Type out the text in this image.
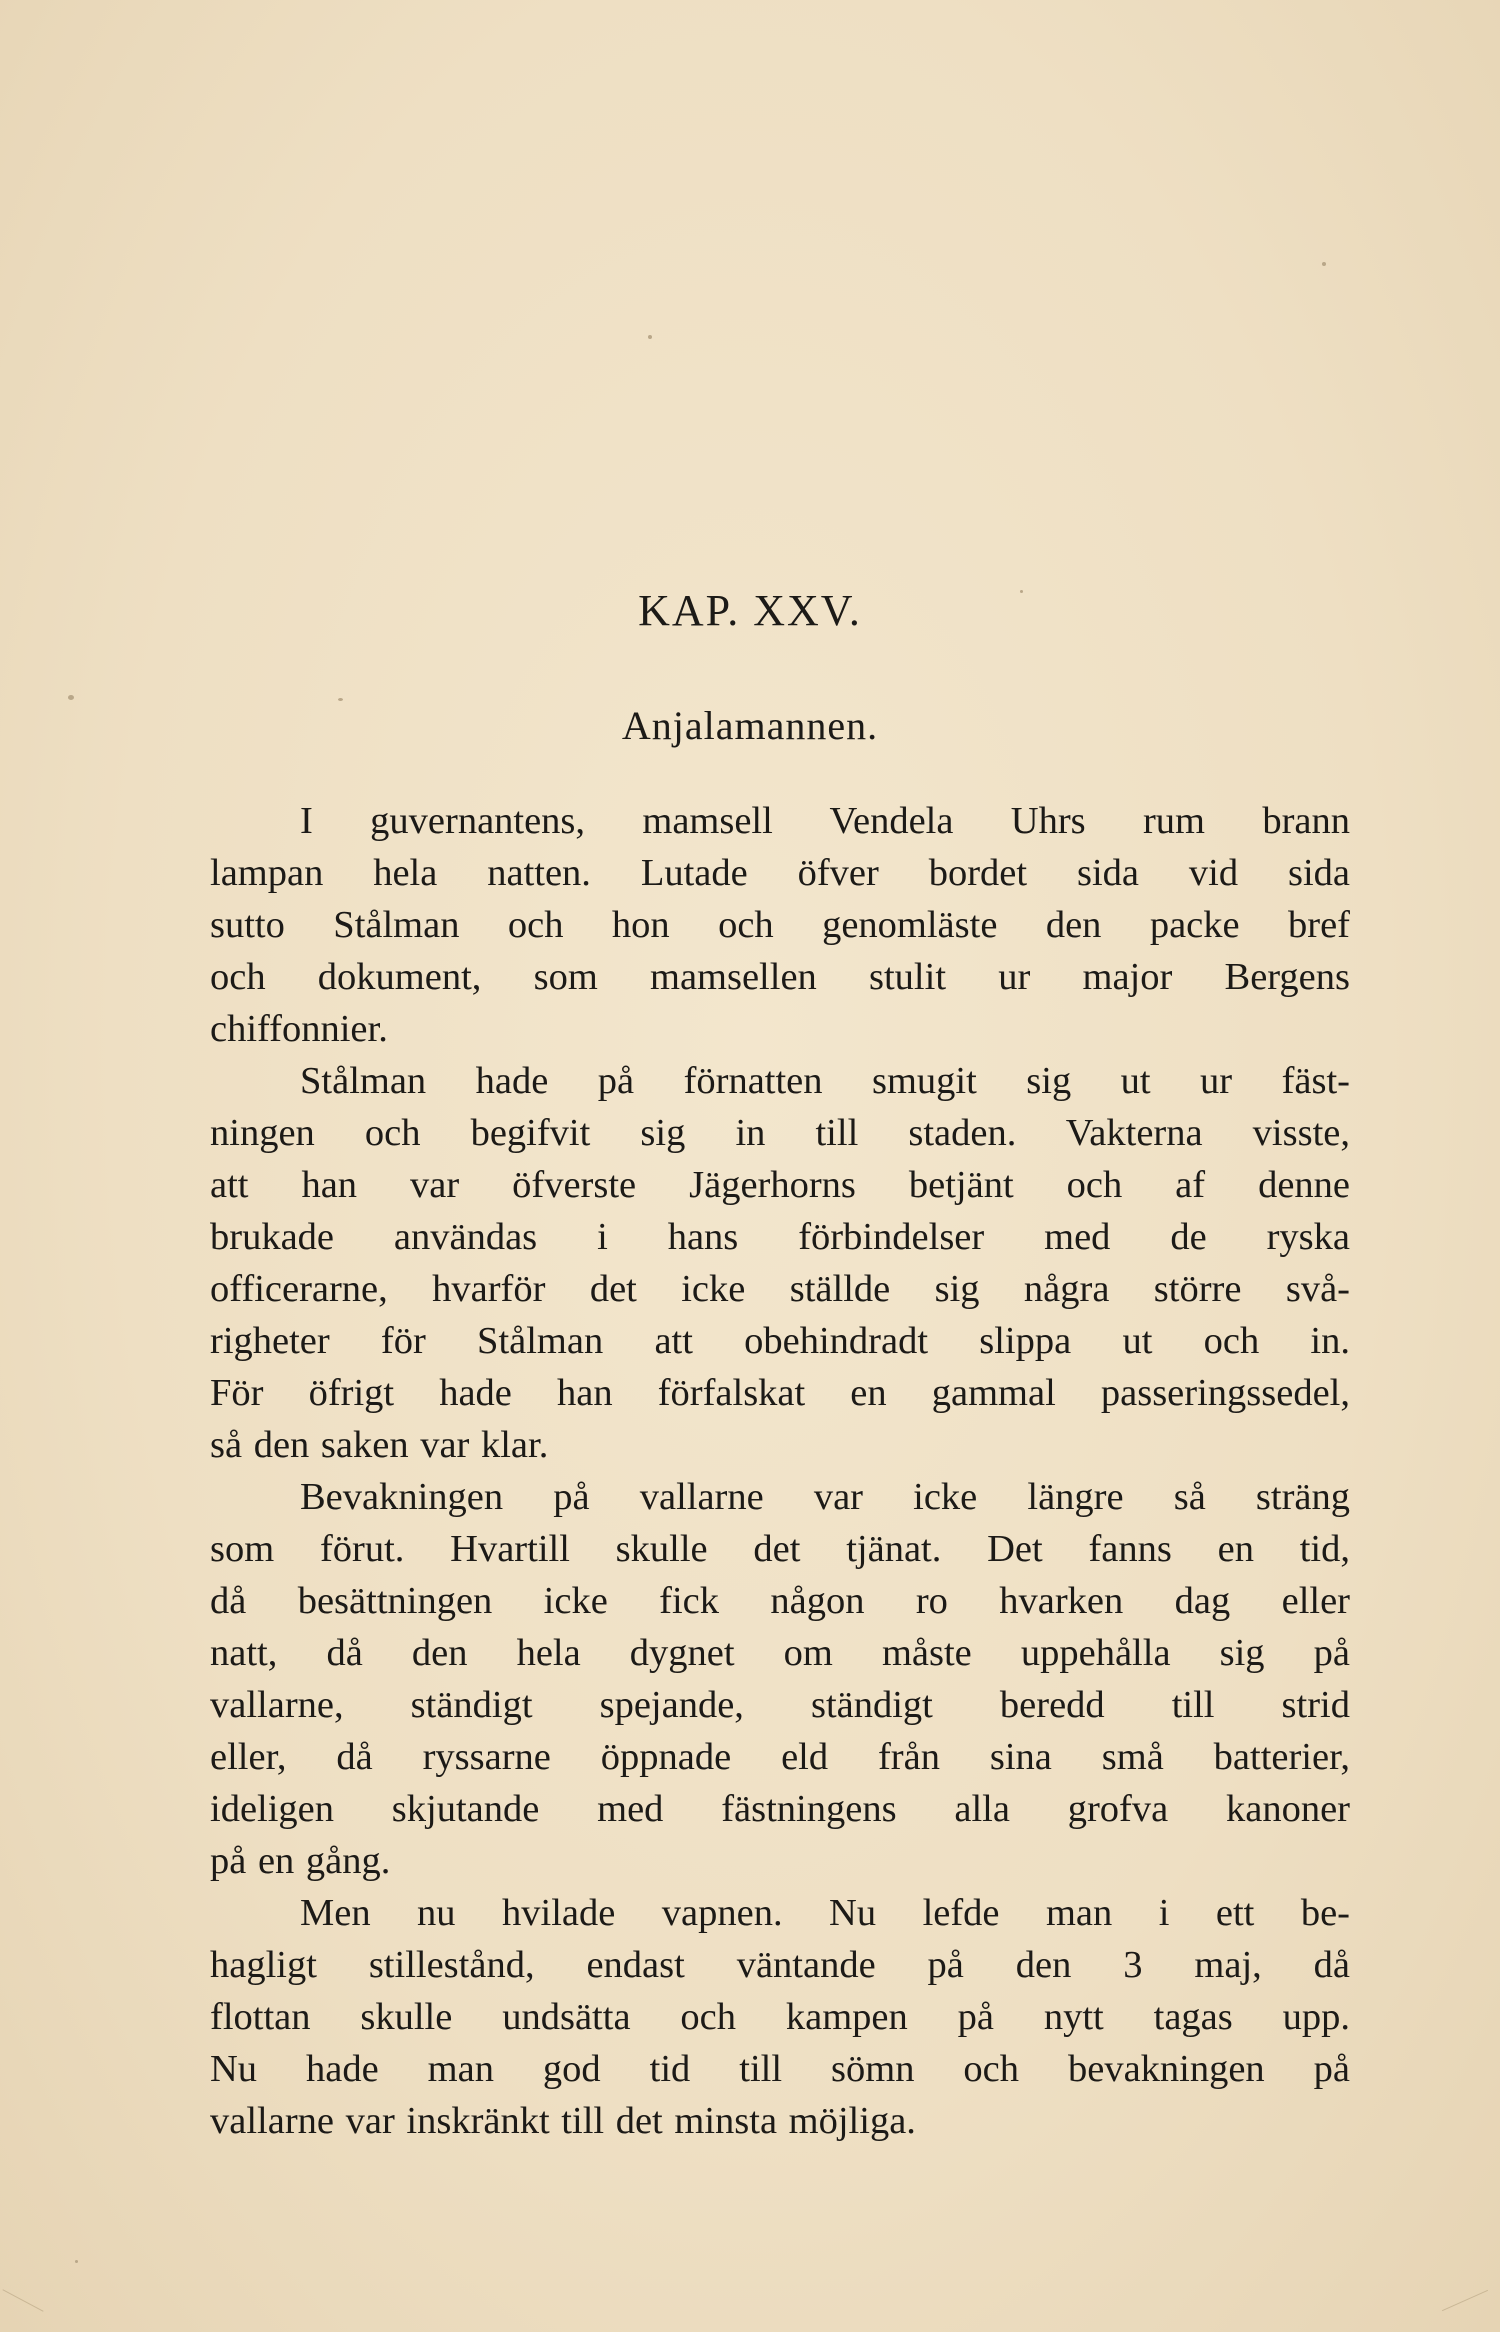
KAP. XXV.
Anjalamannen.
I guvernantens, mamsell Vendela Uhrs rum brann
lampan hela natten. Lutade öfver bordet sida vid sida
sutto Stålman och hon och genomläste den packe bref
och dokument, som mamsellen stulit ur major Bergens
chiffonnier.
Stålman hade på förnatten smugit sig ut ur fäst-
ningen och begifvit sig in till staden. Vakterna visste,
att han var öfverste Jägerhorns betjänt och af denne
brukade användas i hans förbindelser med de ryska
officerarne, hvarför det icke ställde sig några större svå-
righeter för Stålman att obehindradt slippa ut och in.
För öfrigt hade han förfalskat en gammal passeringssedel,
så den saken var klar.
Bevakningen på vallarne var icke längre så sträng
som förut. Hvartill skulle det tjänat. Det fanns en tid,
då besättningen icke fick någon ro hvarken dag eller
natt, då den hela dygnet om måste uppehålla sig på
vallarne, ständigt spejande, ständigt beredd till strid
eller, då ryssarne öppnade eld från sina små batterier,
ideligen skjutande med fästningens alla grofva kanoner
på en gång.
Men nu hvilade vapnen. Nu lefde man i ett be-
hagligt stillestånd, endast väntande på den 3 maj, då
flottan skulle undsätta och kampen på nytt tagas upp.
Nu hade man god tid till sömn och bevakningen på
vallarne var inskränkt till det minsta möjliga.
